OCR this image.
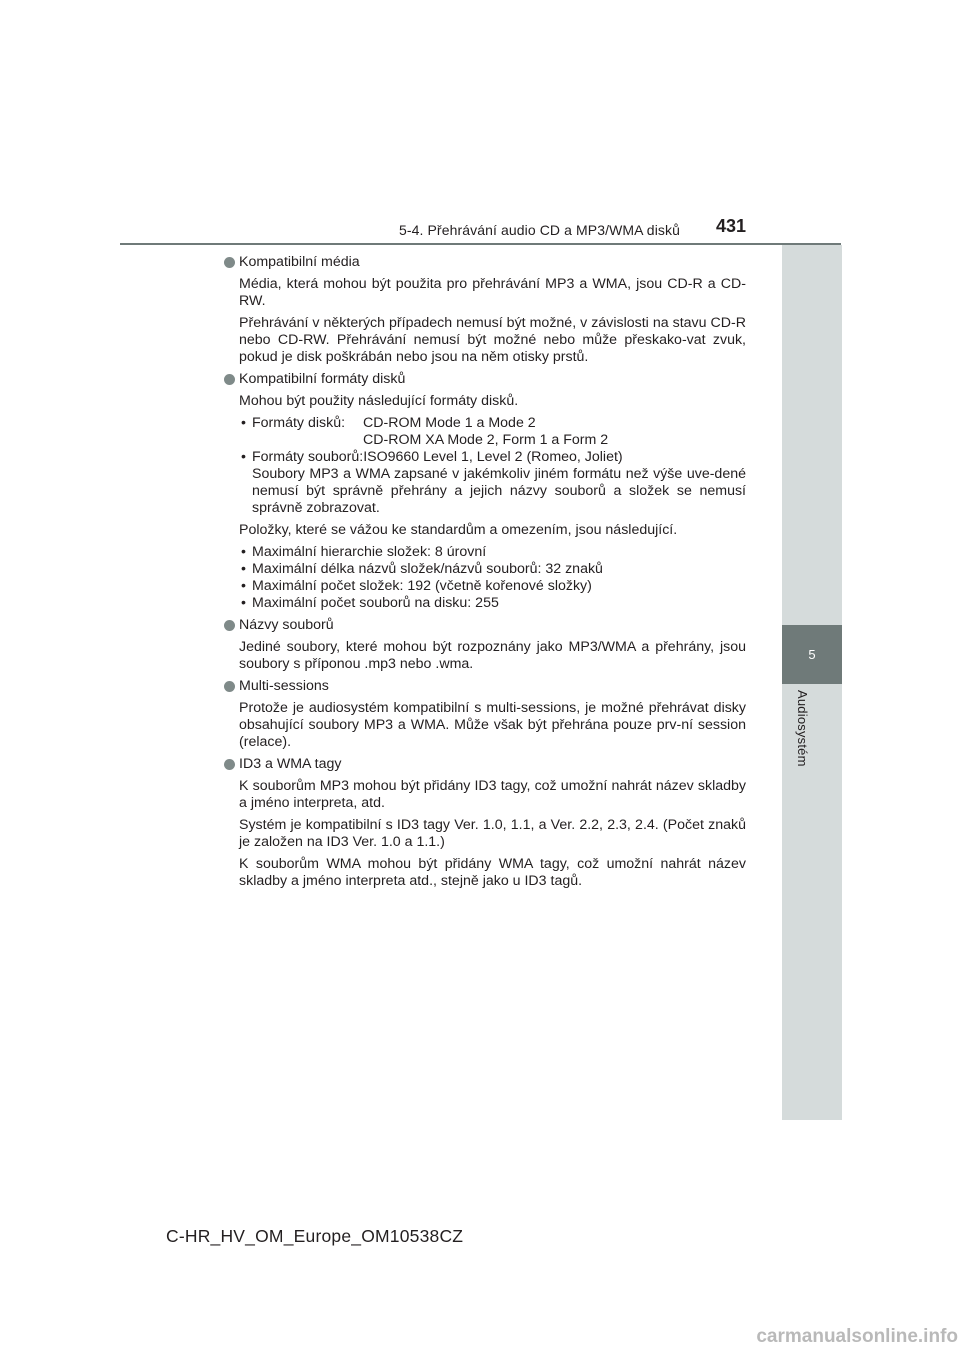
5-4. Přehrávání audio CD a MP3/WMA disků 431
5
Audiosystém

Kompatibilní média

Média, která mohou být použita pro přehrávání MP3 a WMA, jsou CD-R a CD-RW.

Přehrávání v některých případech nemusí být možné, v závislosti na stavu CD-R nebo CD-RW. Přehrávání nemusí být možné nebo může přeskako-vat zvuk, pokud je disk poškrábán nebo jsou na něm otisky prstů.

Kompatibilní formáty disků

Mohou být použity následující formáty disků.

• Formáty disků:	CD-ROM Mode 1 a Mode 2
CD-ROM XA Mode 2, Form 1 a Form 2
• Formáty souborů:ISO9660 Level 1, Level 2 (Romeo, Joliet)
Soubory MP3 a WMA zapsané v jakémkoliv jiném formátu než výše uve-dené nemusí být správně přehrány a jejich názvy souborů a složek se nemusí správně zobrazovat.

Položky, které se vážou ke standardům a omezením, jsou následující.

• Maximální hierarchie složek: 8 úrovní
• Maximální délka názvů složek/názvů souborů: 32 znaků
• Maximální počet složek: 192 (včetně kořenové složky)
• Maximální počet souborů na disku: 255

Názvy souborů

Jediné soubory, které mohou být rozpoznány jako MP3/WMA a přehrány, jsou soubory s příponou .mp3 nebo .wma.

Multi-sessions

Protože je audiosystém kompatibilní s multi-sessions, je možné přehrávat disky obsahující soubory MP3 a WMA. Může však být přehrána pouze prv-ní session (relace).

ID3 a WMA tagy

K souborům MP3 mohou být přidány ID3 tagy, což umožní nahrát název skladby a jméno interpreta, atd.

Systém je kompatibilní s ID3 tagy Ver. 1.0, 1.1, a Ver. 2.2, 2.3, 2.4. (Počet znaků je založen na ID3 Ver. 1.0 a 1.1.)

K souborům WMA mohou být přidány WMA tagy, což umožní nahrát název skladby a jméno interpreta atd., stejně jako u ID3 tagů.

C-HR_HV_OM_Europe_OM10538CZ
carmanualsonline.info
